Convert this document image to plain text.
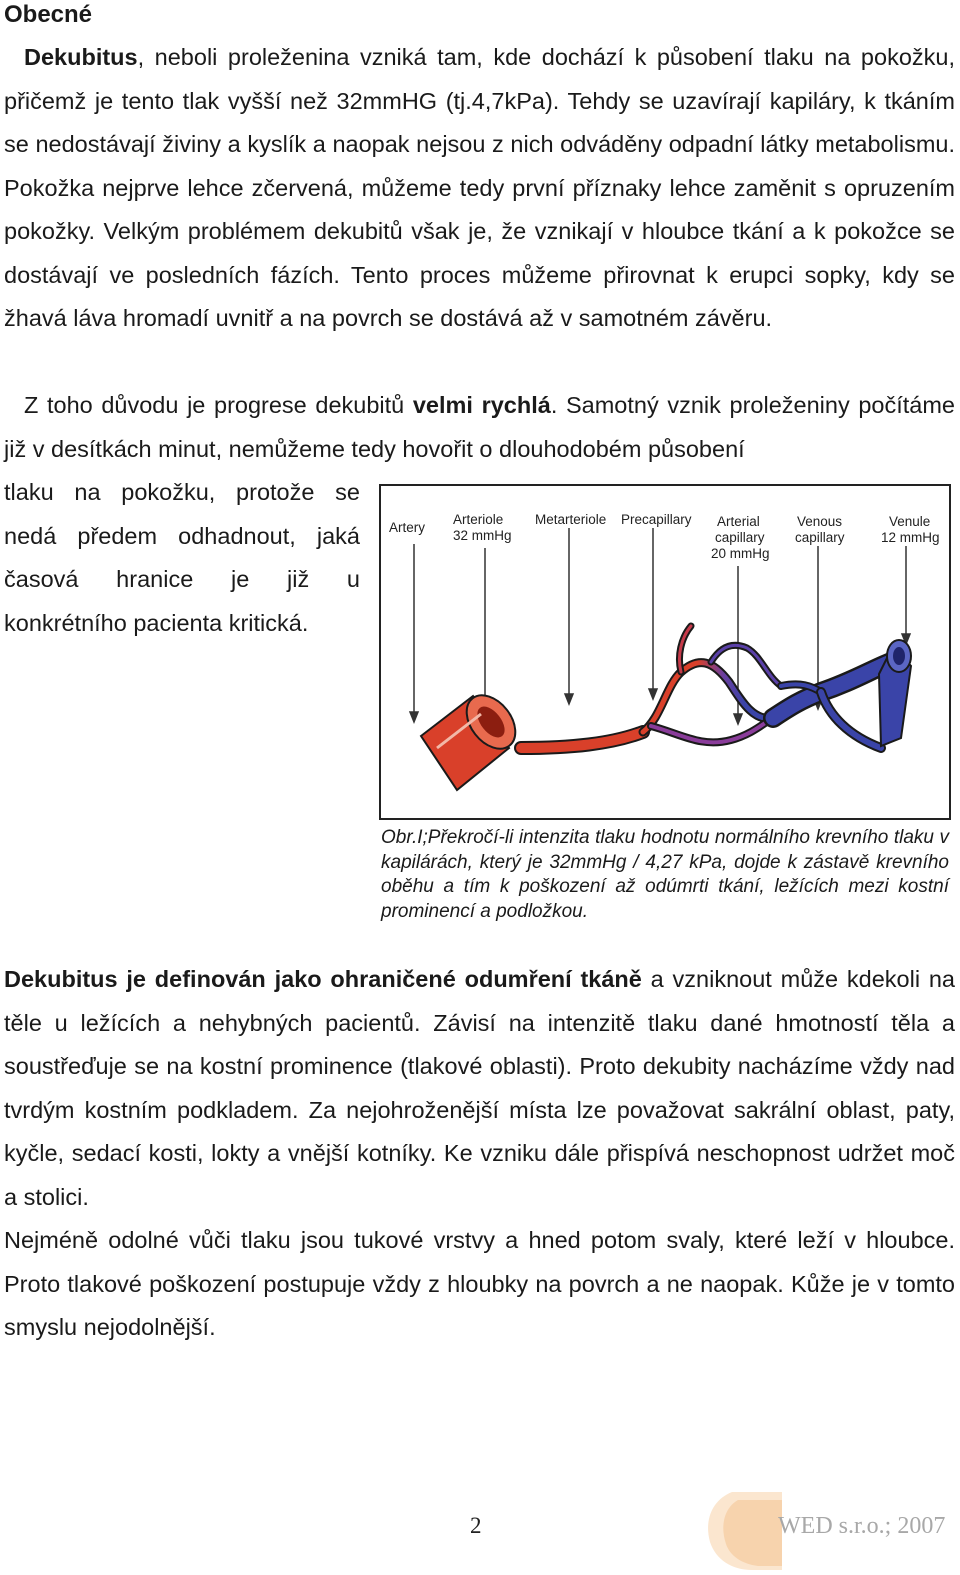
Obecné

Dekubitus, neboli proleženina vzniká tam, kde dochází k působení tlaku na pokožku, přičemž je tento tlak vyšší než 32mmHG (tj.4,7kPa). Tehdy se uzavírají kapiláry, k tkáním se nedostávají živiny a kyslík a naopak nejsou z nich odváděny odpadní látky metabolismu. Pokožka nejprve lehce zčervená, můžeme tedy první příznaky lehce zaměnit s opruzením pokožky. Velkým problémem dekubitů však je, že vznikají v hloubce tkání a k pokožce se dostávají ve posledních fázích. Tento proces můžeme přirovnat k erupci sopky, kdy se žhavá láva hromadí uvnitř a na povrch se dostává až v samotném závěru.

Z toho důvodu je progrese dekubitů velmi rychlá. Samotný vznik proleženiny počítáme již v desítkách minut, nemůžeme tedy hovořit o dlouhodobém působení

tlaku na pokožku, protože se nedá předem odhadnout, jaká časová hranice je již u konkrétního pacienta kritická.

Artery
Arteriole
32 mmHg
Metarteriole Precapillary Arterial
capillary
20 mmHg
Venous
capillary
Venule
12 mmHg

Obr.I;Překročí-li intenzita tlaku hodnotu normálního krevního tlaku v kapilárách, který je 32mmHg / 4,27 kPa, dojde k zástavě krevního oběhu a tím k poškození až odúmrti tkání, ležících mezi kostní prominencí a podložkou.

Dekubitus je definován jako ohraničené odumření tkáně a vzniknout může kdekoli na těle u ležících a nehybných pacientů. Závisí na intenzitě tlaku dané hmotností těla a soustřeďuje se na kostní prominence (tlakové oblasti). Proto dekubity nacházíme vždy nad tvrdým kostním podkladem. Za nejohroženější místa lze považovat sakrální oblast, paty, kyčle, sedací kosti, lokty a vnější kotníky. Ke vzniku dále přispívá neschopnost udržet moč a stolici.

Nejméně odolné vůči tlaku jsou tukové vrstvy a hned potom svaly, které leží v hloubce. Proto tlakové poškození postupuje vždy z hloubky na povrch a ne naopak. Kůže je v tomto smyslu nejodolnější.

2	WED s.r.o.; 2007
